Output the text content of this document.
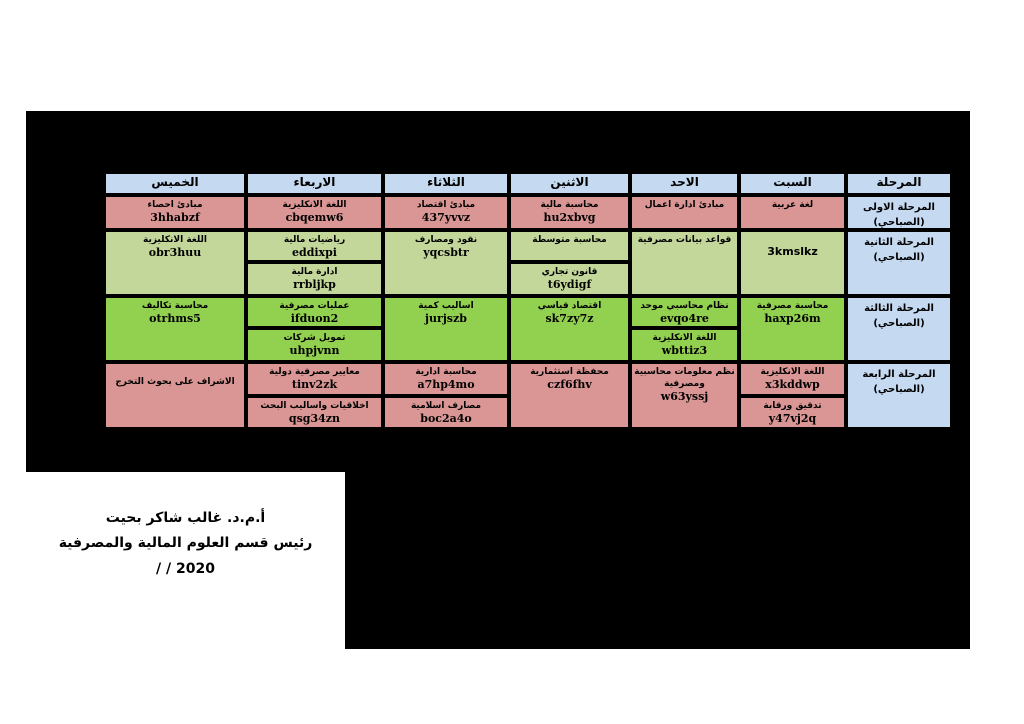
المرحلة
السبت
الاحد
الاثنين
الثلاثاء
الاربعاء
الخميس
المرحلة الاولى
(الصباحي)
المرحلة الثانية
(الصباحي)
المرحلة الثالثة
(الصباحي)
المرحلة الرابعة
(الصباحي)
لغة عربية
مبادئ ادارة اعمال
محاسبة مالية
hu2xbvg
مبادئ اقتصاد
437yvvz
اللغة الانكليزية
cbqemw6
مبادئ احصاء
3hhabzf
3kmslkz
قواعد بيانات مصرفية
محاسبة متوسطة
قانون تجاري
t6ydigf
نقود ومصارف
yqcsbtr
رياضيات مالية
eddixpi
ادارة مالية
rrbljkp
اللغة الانكليزية
obr3huu
محاسبة مصرفية
haxp26m
نظام محاسبي موحد
evqo4re
اللغة الانكليزية
wbttiz3
اقتصاد قياسي
sk7zy7z
اساليب كمية
jurjszb
عمليات مصرفية
ifduon2
تمويل شركات
uhpjvnn
محاسبة تكاليف
otrhms5
اللغة الانكليزية
x3kddwp
تدقيق ورقابة
y47vj2q
نظم معلومات محاسبية ومصرفية
w63yssj
محفظة استثمارية
czf6fhv
محاسبة ادارية
a7hp4mo
مصارف اسلامية
boc2a4o
معايير مصرفية دولية
tinv2zk
اخلاقيات واساليب البحث
qsg34zn
الاشراف على بحوث التخرج
أ.م.د. غالب شاكر بحيت
رئيس قسم العلوم المالية والمصرفية
/ / 2020
